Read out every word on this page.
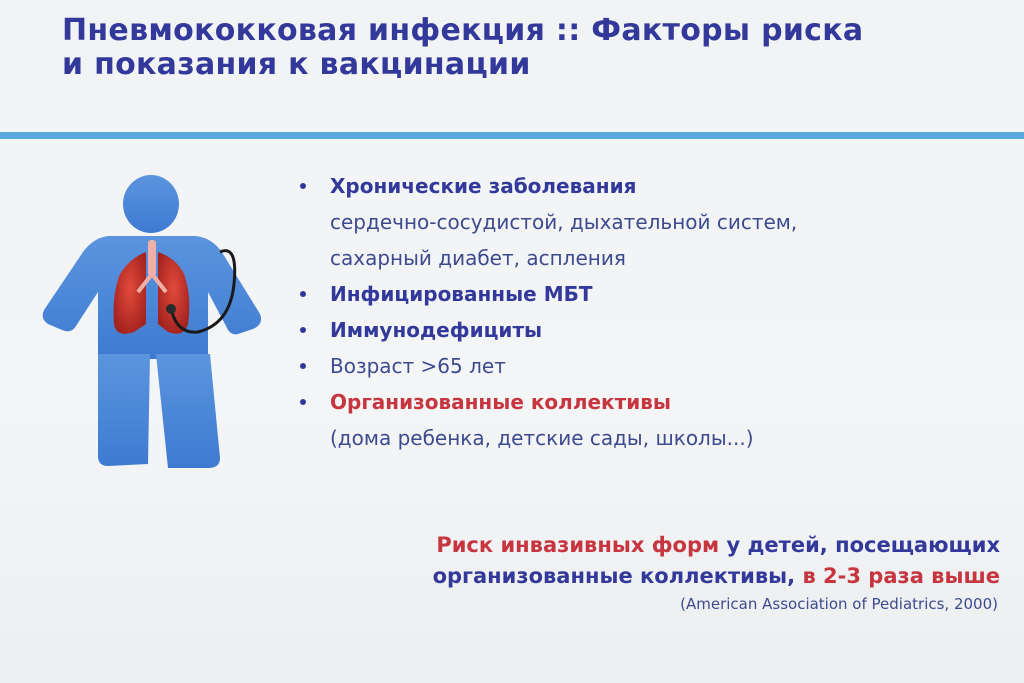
Пневмококковая инфекция :: Факторы риска
и показания к вакцинации
Хронические заболевания
сердечно-сосудистой, дыхательной систем,
сахарный диабет, аспления
Инфицированные МБТ
Иммунодефициты
Возраст >65 лет
Организованные коллективы
(дома ребенка, детские сады, школы...)
Риск инвазивных форм у детей, посещающих
организованные коллективы, в 2-3 раза выше
(American Association of Pediatrics, 2000)
